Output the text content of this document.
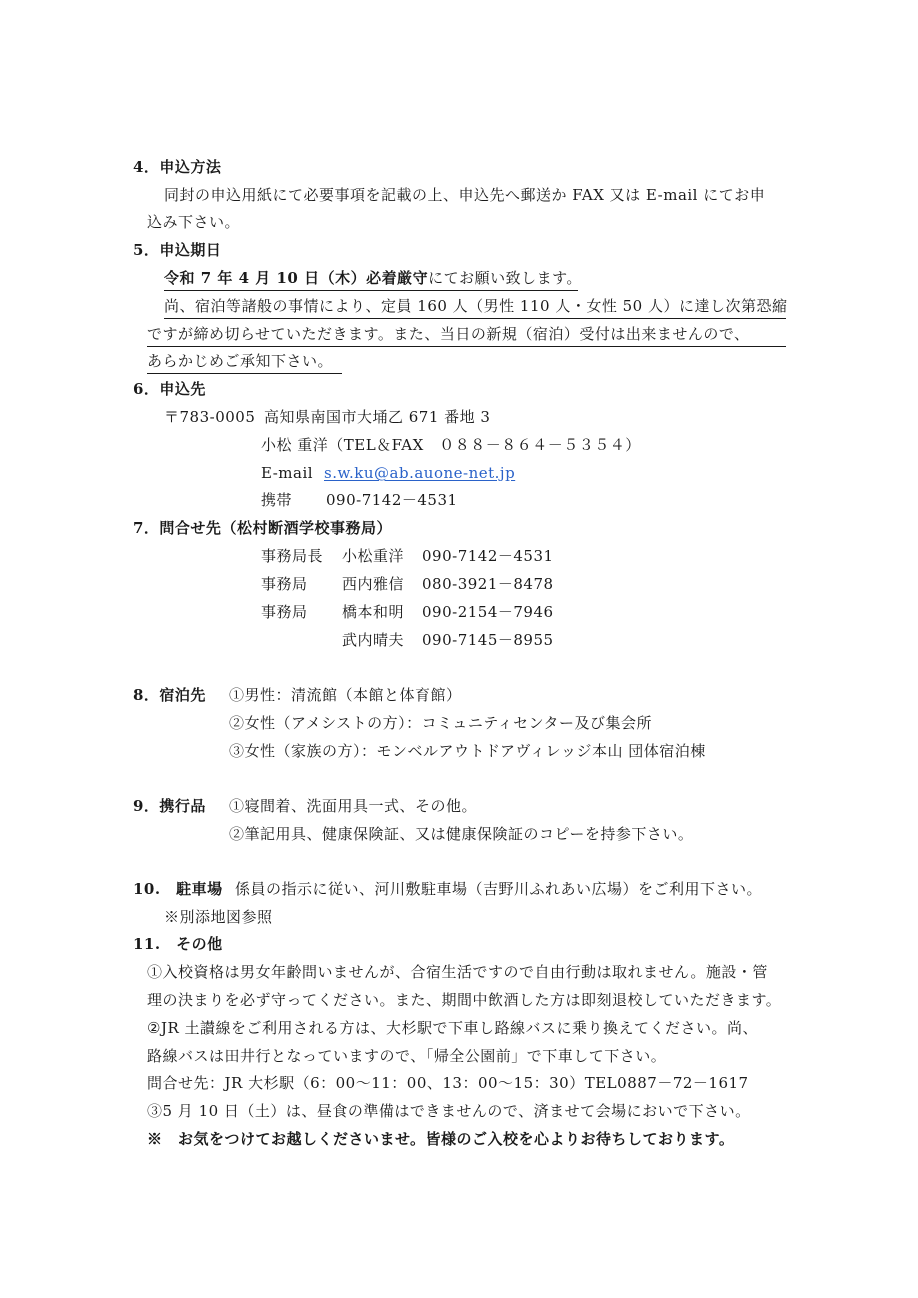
4．申込方法
同封の申込用紙にて必要事項を記載の上、申込先へ郵送か FAX 又は E-mail にてお申
込み下さい。
5．申込期日
令和 7 年 4 月 10 日（木）必着厳守にてお願い致します。
尚、宿泊等諸般の事情により、定員 160 人（男性 110 人・女性 50 人）に達し次第恐縮
ですが締め切らせていただきます。また、当日の新規（宿泊）受付は出来ませんので、
あらかじめご承知下さい。
6．申込先
〒783-0005 高知県南国市大埇乙 671 番地 3
小松 重洋（TEL＆FAX　０８８－８６４－５３５４）
E-mail s.w.ku@ab.auone-net.jp
携帯 090-7142－4531
7．問合せ先（松村断酒学校事務局）
事務局長 小松重洋 090-7142－4531
事務局 西内雅信 080-3921－8478
事務局 橋本和明 090-2154－7946
武内晴夫 090-7145－8955
8．宿泊先 ①男性：清流館（本館と体育館）
②女性（アメシストの方）：コミュニティセンター及び集会所
③女性（家族の方）：モンベルアウトドアヴィレッジ本山 団体宿泊棟
9．携行品 ①寝間着、洗面用具一式、その他。
②筆記用具、健康保険証、又は健康保険証のコピーを持参下さい。
10.　駐車場 係員の指示に従い、河川敷駐車場（吉野川ふれあい広場）をご利用下さい。
※別添地図参照
11.　その他
①入校資格は男女年齢問いませんが、合宿生活ですので自由行動は取れません。施設・管
理の決まりを必ず守ってください。また、期間中飲酒した方は即刻退校していただきます。
②JR 土讃線をご利用される方は、大杉駅で下車し路線バスに乗り換えてください。尚、
路線バスは田井行となっていますので、「帰全公園前」で下車して下さい。
問合せ先：JR 大杉駅（6：00～11：00、13：00～15：30）TEL0887－72－1617
③5 月 10 日（土）は、昼食の準備はできませんので、済ませて会場においで下さい。
※　お気をつけてお越しくださいませ。皆様のご入校を心よりお待ちしております。
